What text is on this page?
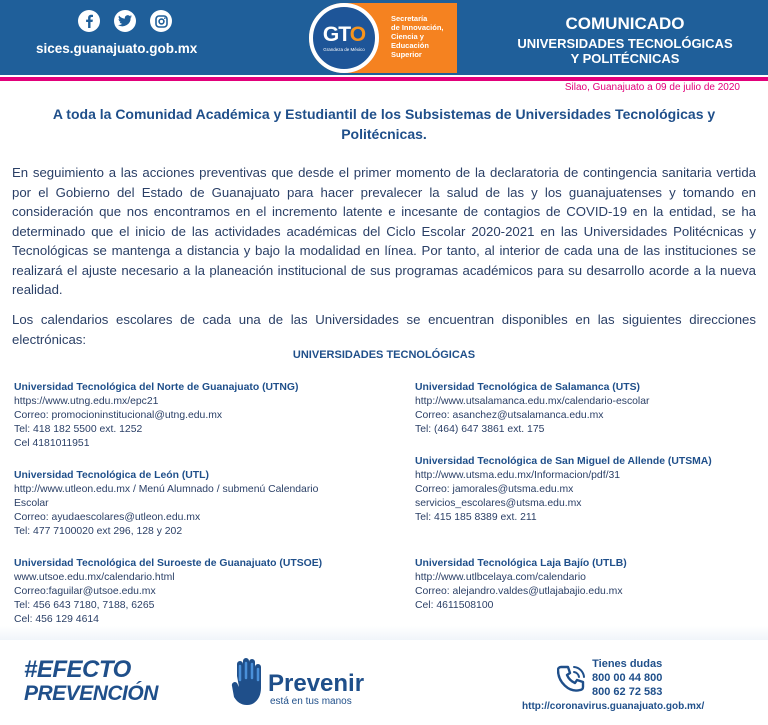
sices.guanajuato.gob.mx
GTO
Grandeza de México
Secretaría
de Innovación,
Ciencia y
Educación
Superior
COMUNICADO
UNIVERSIDADES TECNOLÓGICAS
Y POLITÉCNICAS
Silao, Guanajuato a 09 de julio de 2020
A toda la Comunidad Académica y Estudiantil de los Subsistemas de Universidades Tecnológicas y Politécnicas.
En seguimiento a las acciones preventivas que desde el primer momento de la declaratoria de contingencia sanitaria vertida por el Gobierno del Estado de Guanajuato para hacer prevalecer la salud de las y los guanajuatenses y tomando en consideración que nos encontramos en el incremento latente e incesante de contagios de COVID-19 en la entidad, se ha determinado que el inicio de las actividades académicas del Ciclo Escolar 2020-2021 en las Universidades Politécnicas y Tecnológicas se mantenga a distancia y bajo la modalidad en línea. Por tanto, al interior de cada una de las instituciones se realizará el ajuste necesario a la planeación institucional de sus programas académicos para su desarrollo acorde a la nueva realidad.
Los calendarios escolares de cada una de las Universidades se encuentran disponibles en las siguientes direcciones electrónicas:
UNIVERSIDADES TECNOLÓGICAS
Universidad Tecnológica del Norte de Guanajuato (UTNG)
https://www.utng.edu.mx/epc21
Correo: promocioninstitucional@utng.edu.mx
Tel: 418 182 5500 ext. 1252
Cel 4181011951
Universidad Tecnológica de León (UTL)
http://www.utleon.edu.mx / Menú Alumnado / submenú Calendario
Escolar
Correo: ayudaescolares@utleon.edu.mx
Tel: 477 7100020 ext 296, 128 y 202
Universidad Tecnológica del Suroeste de Guanajuato (UTSOE)
www.utsoe.edu.mx/calendario.html
Correo:faguilar@utsoe.edu.mx
Tel: 456 643 7180, 7188, 6265
Cel: 456 129 4614
Universidad Tecnológica de Salamanca (UTS)
http://www.utsalamanca.edu.mx/calendario-escolar
Correo: asanchez@utsalamanca.edu.mx
Tel: (464) 647 3861 ext. 175
Universidad Tecnológica de San Miguel de Allende (UTSMA)
http://www.utsma.edu.mx/Informacion/pdf/31
Correo: jamorales@utsma.edu.mx
servicios_escolares@utsma.edu.mx
Tel: 415 185 8389 ext. 211
Universidad Tecnológica Laja Bajío (UTLB)
http://www.utlbcelaya.com/calendario
Correo: alejandro.valdes@utlajabajio.edu.mx
Cel: 4611508100
#EFECTO
PREVENCIÓN	Prevenir
está en tus manos
Tienes dudas
800 00 44 800
800 62 72 583
http://coronavirus.guanajuato.gob.mx/
